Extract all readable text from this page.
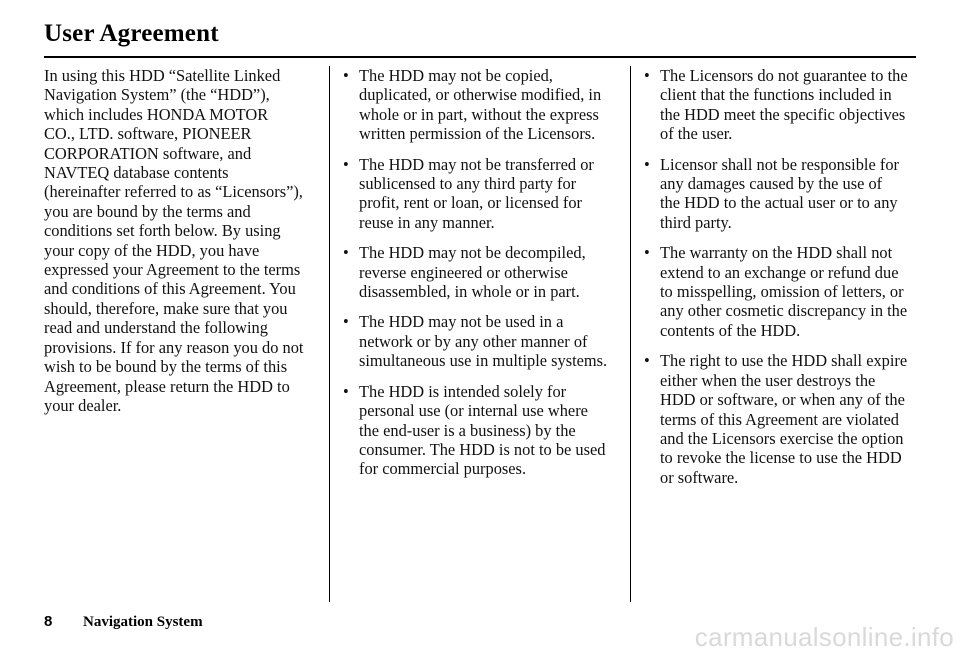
User Agreement

In using this HDD “Satellite Linked
Navigation System” (the “HDD”),
which includes HONDA MOTOR
CO., LTD. software, PIONEER
CORPORATION software, and
NAVTEQ database contents
(hereinafter referred to as “Licensors”),
you are bound by the terms and
conditions set forth below. By using
your copy of the HDD, you have
expressed your Agreement to the terms
and conditions of this Agreement. You
should, therefore, make sure that you
read and understand the following
provisions. If for any reason you do not
wish to be bound by the terms of this
Agreement, please return the HDD to
your dealer.

• The HDD may not be copied,
duplicated, or otherwise modified, in
whole or in part, without the express
written permission of the Licensors.
• The HDD may not be transferred or
sublicensed to any third party for
profit, rent or loan, or licensed for
reuse in any manner.
• The HDD may not be decompiled,
reverse engineered or otherwise
disassembled, in whole or in part.
• The HDD may not be used in a
network or by any other manner of
simultaneous use in multiple systems.
• The HDD is intended solely for
personal use (or internal use where
the end-user is a business) by the
consumer. The HDD is not to be used
for commercial purposes.
• The Licensors do not guarantee to the
client that the functions included in
the HDD meet the specific objectives
of the user.
• Licensor shall not be responsible for
any damages caused by the use of
the HDD to the actual user or to any
third party.
• The warranty on the HDD shall not
extend to an exchange or refund due
to misspelling, omission of letters, or
any other cosmetic discrepancy in the
contents of the HDD.
• The right to use the HDD shall expire
either when the user destroys the
HDD or software, or when any of the
terms of this Agreement are violated
and the Licensors exercise the option
to revoke the license to use the HDD
or software.
8 Navigation System	carmanualsonline.info
